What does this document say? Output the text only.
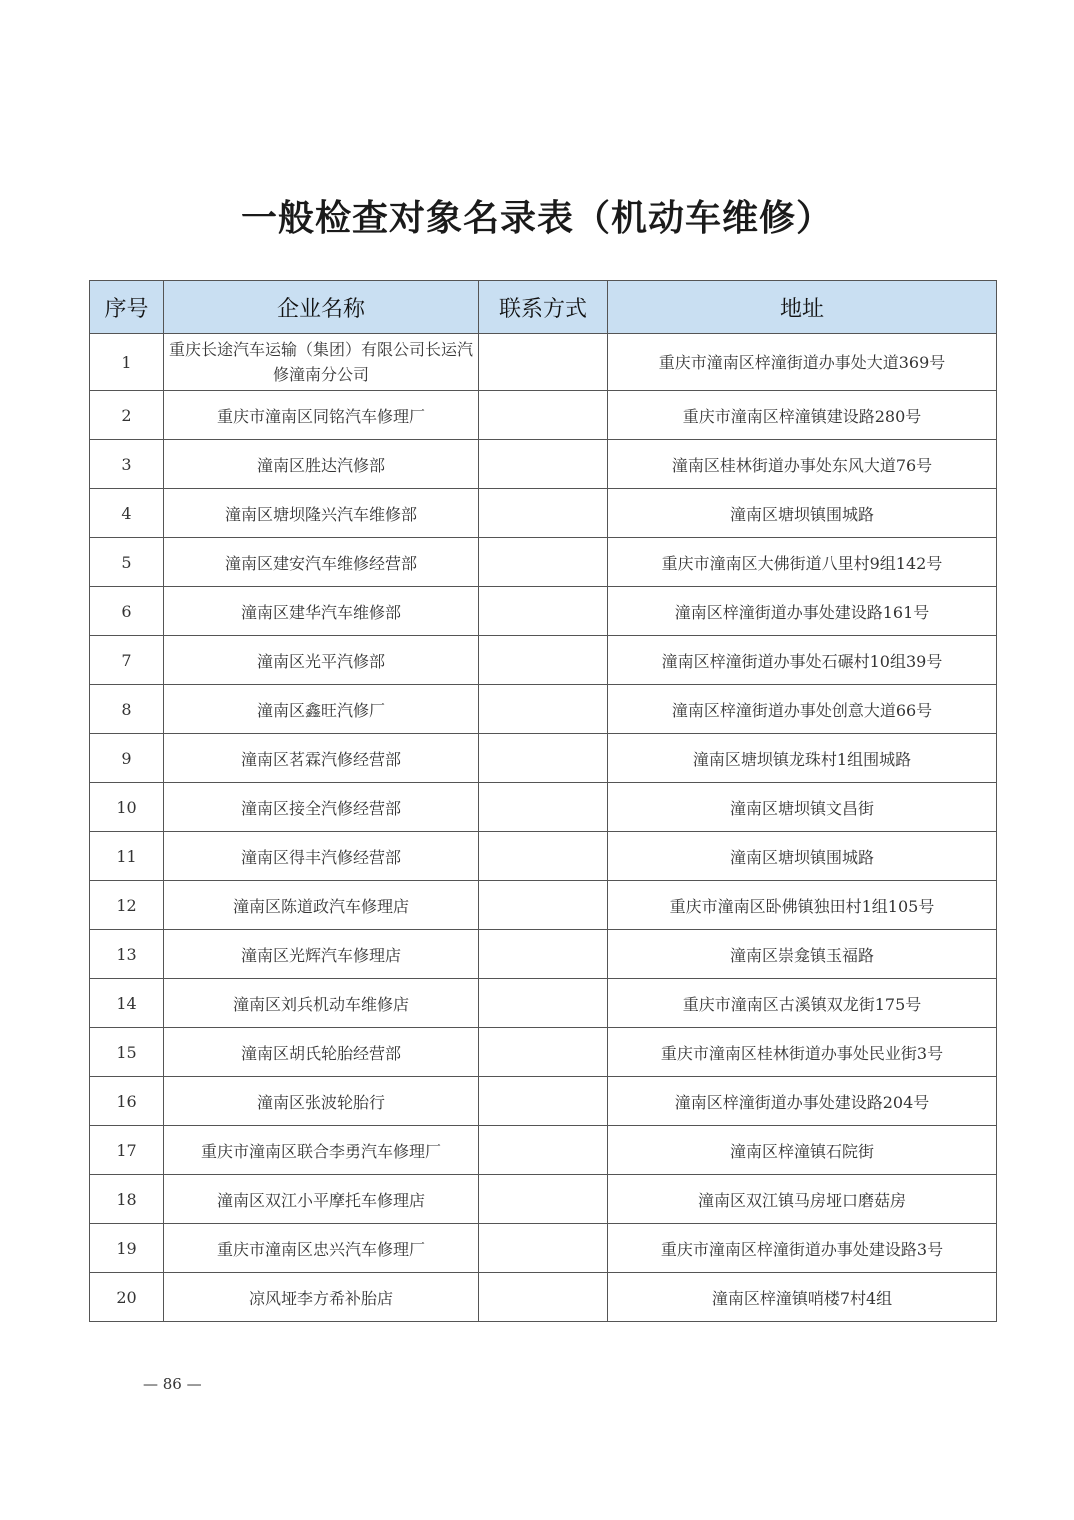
一般检查对象名录表（机动车维修）
序号	企业名称	联系方式	地址
1	重庆长途汽车运输（集团）有限公司长运汽修潼南分公司		重庆市潼南区梓潼街道办事处大道369号
2	重庆市潼南区同铭汽车修理厂		重庆市潼南区梓潼镇建设路280号
3	潼南区胜达汽修部		潼南区桂林街道办事处东风大道76号
4	潼南区塘坝隆兴汽车维修部		潼南区塘坝镇围城路
5	潼南区建安汽车维修经营部		重庆市潼南区大佛街道八里村9组142号
6	潼南区建华汽车维修部		潼南区梓潼街道办事处建设路161号
7	潼南区光平汽修部		潼南区梓潼街道办事处石碾村10组39号
8	潼南区鑫旺汽修厂		潼南区梓潼街道办事处创意大道66号
9	潼南区茗霖汽修经营部		潼南区塘坝镇龙珠村1组围城路
10	潼南区接全汽修经营部		潼南区塘坝镇文昌街
11	潼南区得丰汽修经营部		潼南区塘坝镇围城路
12	潼南区陈道政汽车修理店		重庆市潼南区卧佛镇独田村1组105号
13	潼南区光辉汽车修理店		潼南区崇龛镇玉福路
14	潼南区刘兵机动车维修店		重庆市潼南区古溪镇双龙街175号
15	潼南区胡氏轮胎经营部		重庆市潼南区桂林街道办事处民业街3号
16	潼南区张波轮胎行		潼南区梓潼街道办事处建设路204号
17	重庆市潼南区联合李勇汽车修理厂		潼南区梓潼镇石院街
18	潼南区双江小平摩托车修理店		潼南区双江镇马房垭口磨菇房
19	重庆市潼南区忠兴汽车修理厂		重庆市潼南区梓潼街道办事处建设路3号
20	凉风垭李方希补胎店		潼南区梓潼镇哨楼7村4组
— 86 —
